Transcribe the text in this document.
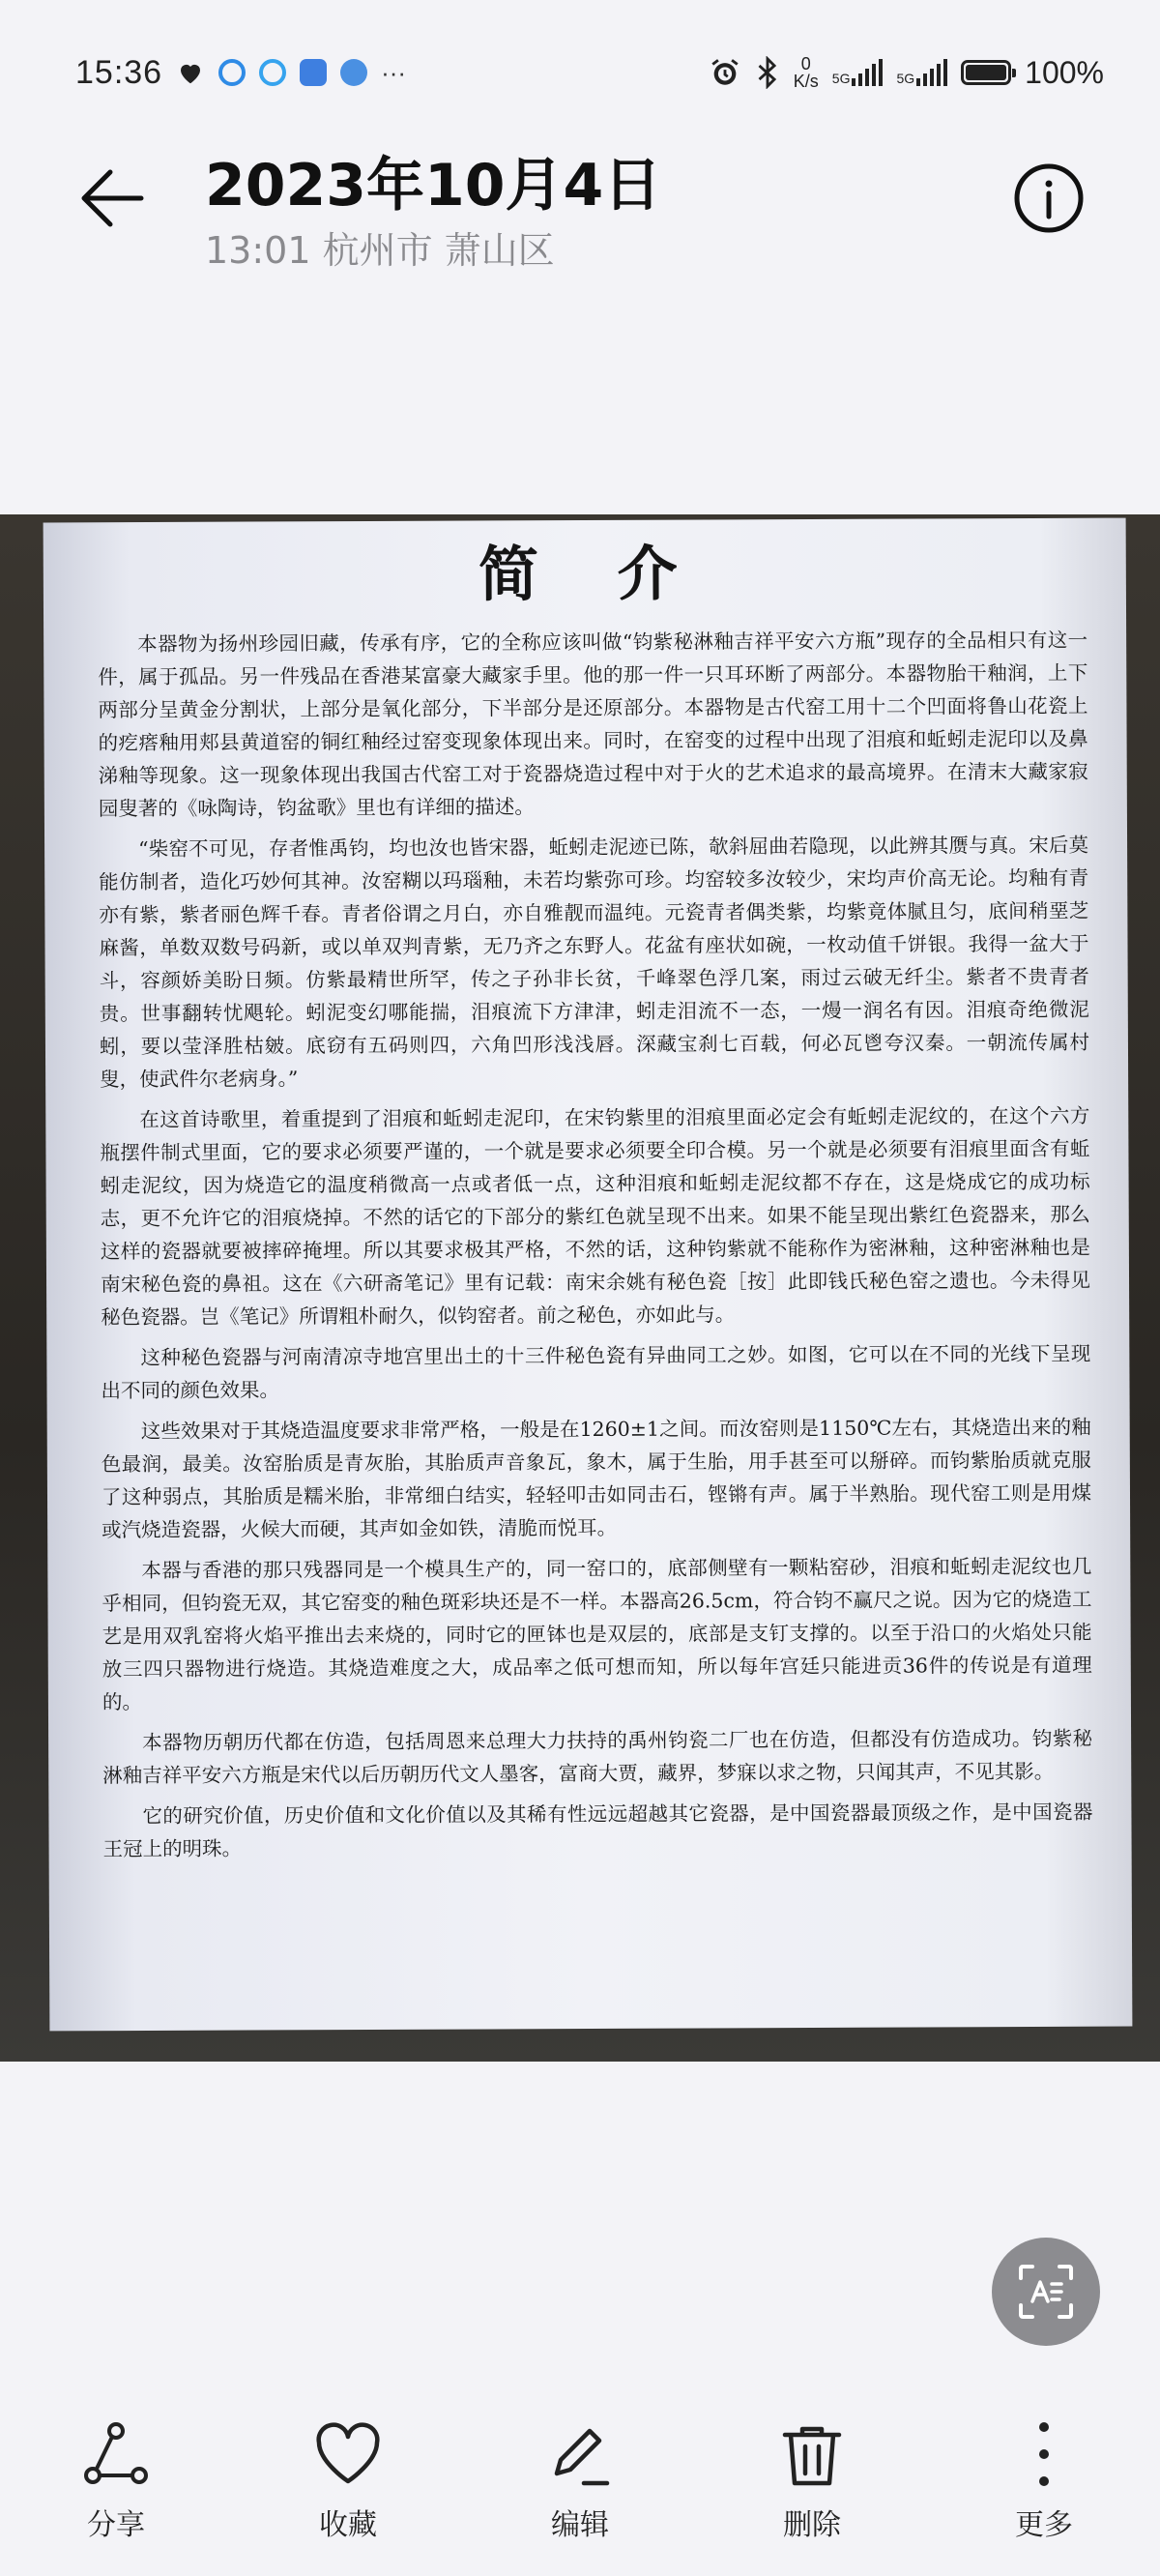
15:36	···	0
K/s 5G	5G	100%
2023年10月4日
13:01 杭州市 萧山区
简 介

本器物为扬州珍园旧藏，传承有序，它的全称应该叫做“钧紫秘淋釉吉祥平安六方瓶”现存的全品相只有这一件，属于孤品。另一件残品在香港某富豪大藏家手里。他的那一件一只耳环断了两部分。本器物胎干釉润，上下两部分呈黄金分割状，上部分是氧化部分，下半部分是还原部分。本器物是古代窑工用十二个凹面将鲁山花瓷上的疙瘩釉用郏县黄道窑的铜红釉经过窑变现象体现出来。同时，在窑变的过程中出现了泪痕和蚯蚓走泥印以及鼻涕釉等现象。这一现象体现出我国古代窑工对于瓷器烧造过程中对于火的艺术追求的最高境界。在清末大藏家寂园叟著的《咏陶诗，钧盆歌》里也有详细的描述。

“柴窑不可见，存者惟禹钧，均也汝也皆宋器，蚯蚓走泥迹已陈，欹斜屈曲若隐现，以此辨其赝与真。宋后莫能仿制者，造化巧妙何其神。汝窑糊以玛瑙釉，未若均紫弥可珍。均窑较多汝较少，宋均声价高无论。均釉有青亦有紫，紫者丽色辉千春。青者俗谓之月白，亦自雅靓而温纯。元瓷青者偶类紫，均紫竟体腻且匀，底间稍堊芝麻酱，单数双数号码新，或以单双判青紫，无乃齐之东野人。花盆有座状如碗，一枚动值千饼银。我得一盆大于斗，容颜娇美盼日频。仿紫最精世所罕，传之子孙非长贫，千峰翠色浮几案，雨过云破无纤尘。紫者不贵青者贵。世事翻转忧飓轮。蚓泥变幻哪能揣，泪痕流下方津津，蚓走泪流不一态，一熳一润名有因。泪痕奇绝微泥蚓，要以莹泽胜枯皴。底窃有五码则四，六角凹形浅浅唇。深藏宝刹七百载，何必瓦鬯夸汉秦。一朝流传属村叟，使武件尔老病身。”

在这首诗歌里，着重提到了泪痕和蚯蚓走泥印，在宋钧紫里的泪痕里面必定会有蚯蚓走泥纹的，在这个六方瓶摆件制式里面，它的要求必须要严谨的，一个就是要求必须要全印合模。另一个就是必须要有泪痕里面含有蚯蚓走泥纹，因为烧造它的温度稍微高一点或者低一点，这种泪痕和蚯蚓走泥纹都不存在，这是烧成它的成功标志，更不允许它的泪痕烧掉。不然的话它的下部分的紫红色就呈现不出来。如果不能呈现出紫红色瓷器来，那么这样的瓷器就要被摔碎掩埋。所以其要求极其严格，不然的话，这种钧紫就不能称作为密淋釉，这种密淋釉也是南宋秘色瓷的鼻祖。这在《六研斋笔记》里有记载：南宋余姚有秘色瓷［按］此即钱氏秘色窑之遗也。今未得见秘色瓷器。岂《笔记》所谓粗朴耐久，似钧窑者。前之秘色，亦如此与。

这种秘色瓷器与河南清凉寺地宫里出土的十三件秘色瓷有异曲同工之妙。如图，它可以在不同的光线下呈现出不同的颜色效果。

这些效果对于其烧造温度要求非常严格，一般是在1260±1之间。而汝窑则是1150℃左右，其烧造出来的釉色最润，最美。汝窑胎质是青灰胎，其胎质声音象瓦，象木，属于生胎，用手甚至可以掰碎。而钧紫胎质就克服了这种弱点，其胎质是糯米胎，非常细白结实，轻轻叩击如同击石，铿锵有声。属于半熟胎。现代窑工则是用煤或汽烧造瓷器，火候大而硬，其声如金如铁，清脆而悦耳。

本器与香港的那只残器同是一个模具生产的，同一窑口的，底部侧壁有一颗粘窑砂，泪痕和蚯蚓走泥纹也几乎相同，但钧瓷无双，其它窑变的釉色斑彩块还是不一样。本器高26.5cm，符合钧不赢尺之说。因为它的烧造工艺是用双乳窑将火焰平推出去来烧的，同时它的匣钵也是双层的，底部是支钉支撑的。以至于沿口的火焰处只能放三四只器物进行烧造。其烧造难度之大，成品率之低可想而知，所以每年宫廷只能进贡36件的传说是有道理的。

本器物历朝历代都在仿造，包括周恩来总理大力扶持的禹州钧瓷二厂也在仿造，但都没有仿造成功。钧紫秘淋釉吉祥平安六方瓶是宋代以后历朝历代文人墨客，富商大贾，藏界，梦寐以求之物，只闻其声，不见其影。

它的研究价值，历史价值和文化价值以及其稀有性远远超越其它瓷器，是中国瓷器最顶级之作，是中国瓷器王冠上的明珠。

分享	收藏	编辑	删除	更多
